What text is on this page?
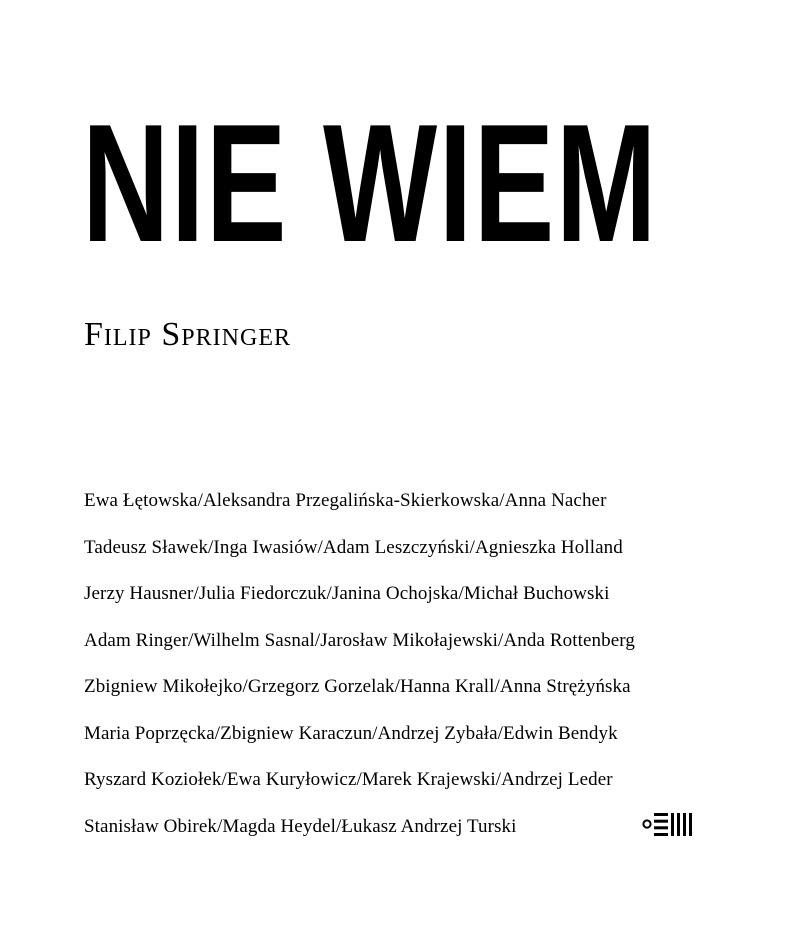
NIE WIEM
Filip Springer
Ewa Łętowska/Aleksandra Przegalińska-Skierkowska/Anna Nacher
Tadeusz Sławek/Inga Iwasiów/Adam Leszczyński/Agnieszka Holland
Jerzy Hausner/Julia Fiedorczuk/Janina Ochojska/Michał Buchowski
Adam Ringer/Wilhelm Sasnal/Jarosław Mikołajewski/Anda Rottenberg
Zbigniew Mikołejko/Grzegorz Gorzelak/Hanna Krall/Anna Strężyńska
Maria Poprzęcka/Zbigniew Karaczun/Andrzej Zybała/Edwin Bendyk
Ryszard Koziołek/Ewa Kuryłowicz/Marek Krajewski/Andrzej Leder
Stanisław Obirek/Magda Heydel/Łukasz Andrzej Turski
